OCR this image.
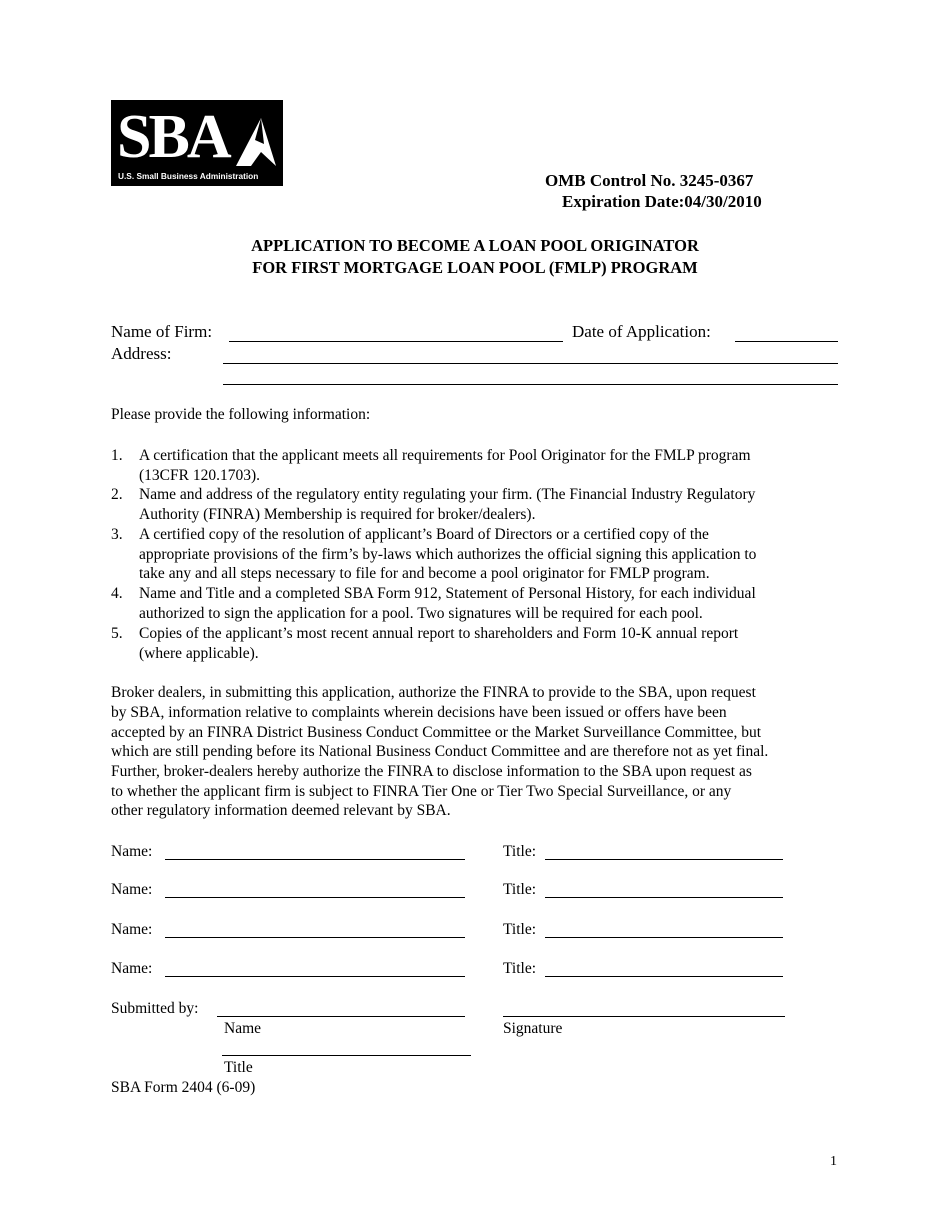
SBA
U.S. Small Business Administration	OMB Control No. 3245-0367
Expiration Date:04/30/2010
APPLICATION TO BECOME A LOAN POOL ORIGINATOR
FOR FIRST MORTGAGE LOAN POOL (FMLP) PROGRAM
Name of Firm:	Date of Application:
Address:
Please provide the following information:
1. A certification that the applicant meets all requirements for Pool Originator for the FMLP program
(13CFR 120.1703).
2. Name and address of the regulatory entity regulating your firm. (The Financial Industry Regulatory
Authority (FINRA) Membership is required for broker/dealers).
3. A certified copy of the resolution of applicant’s Board of Directors or a certified copy of the
appropriate provisions of the firm’s by-laws which authorizes the official signing this application to
take any and all steps necessary to file for and become a pool originator for FMLP program.
4. Name and Title and a completed SBA Form 912, Statement of Personal History, for each individual
authorized to sign the application for a pool. Two signatures will be required for each pool.
5. Copies of the applicant’s most recent annual report to shareholders and Form 10-K annual report
(where applicable).
Broker dealers, in submitting this application, authorize the FINRA to provide to the SBA, upon request
by SBA, information relative to complaints wherein decisions have been issued or offers have been
accepted by an FINRA District Business Conduct Committee or the Market Surveillance Committee, but
which are still pending before its National Business Conduct Committee and are therefore not as yet final.
Further, broker-dealers hereby authorize the FINRA to disclose information to the SBA upon request as
to whether the applicant firm is subject to FINRA Tier One or Tier Two Special Surveillance, or any
other regulatory information deemed relevant by SBA.
Name:	Title:
Name:	Title:
Name:	Title:
Name:	Title:
Submitted by:
Name	Signature
Title
SBA Form 2404 (6-09)
1
